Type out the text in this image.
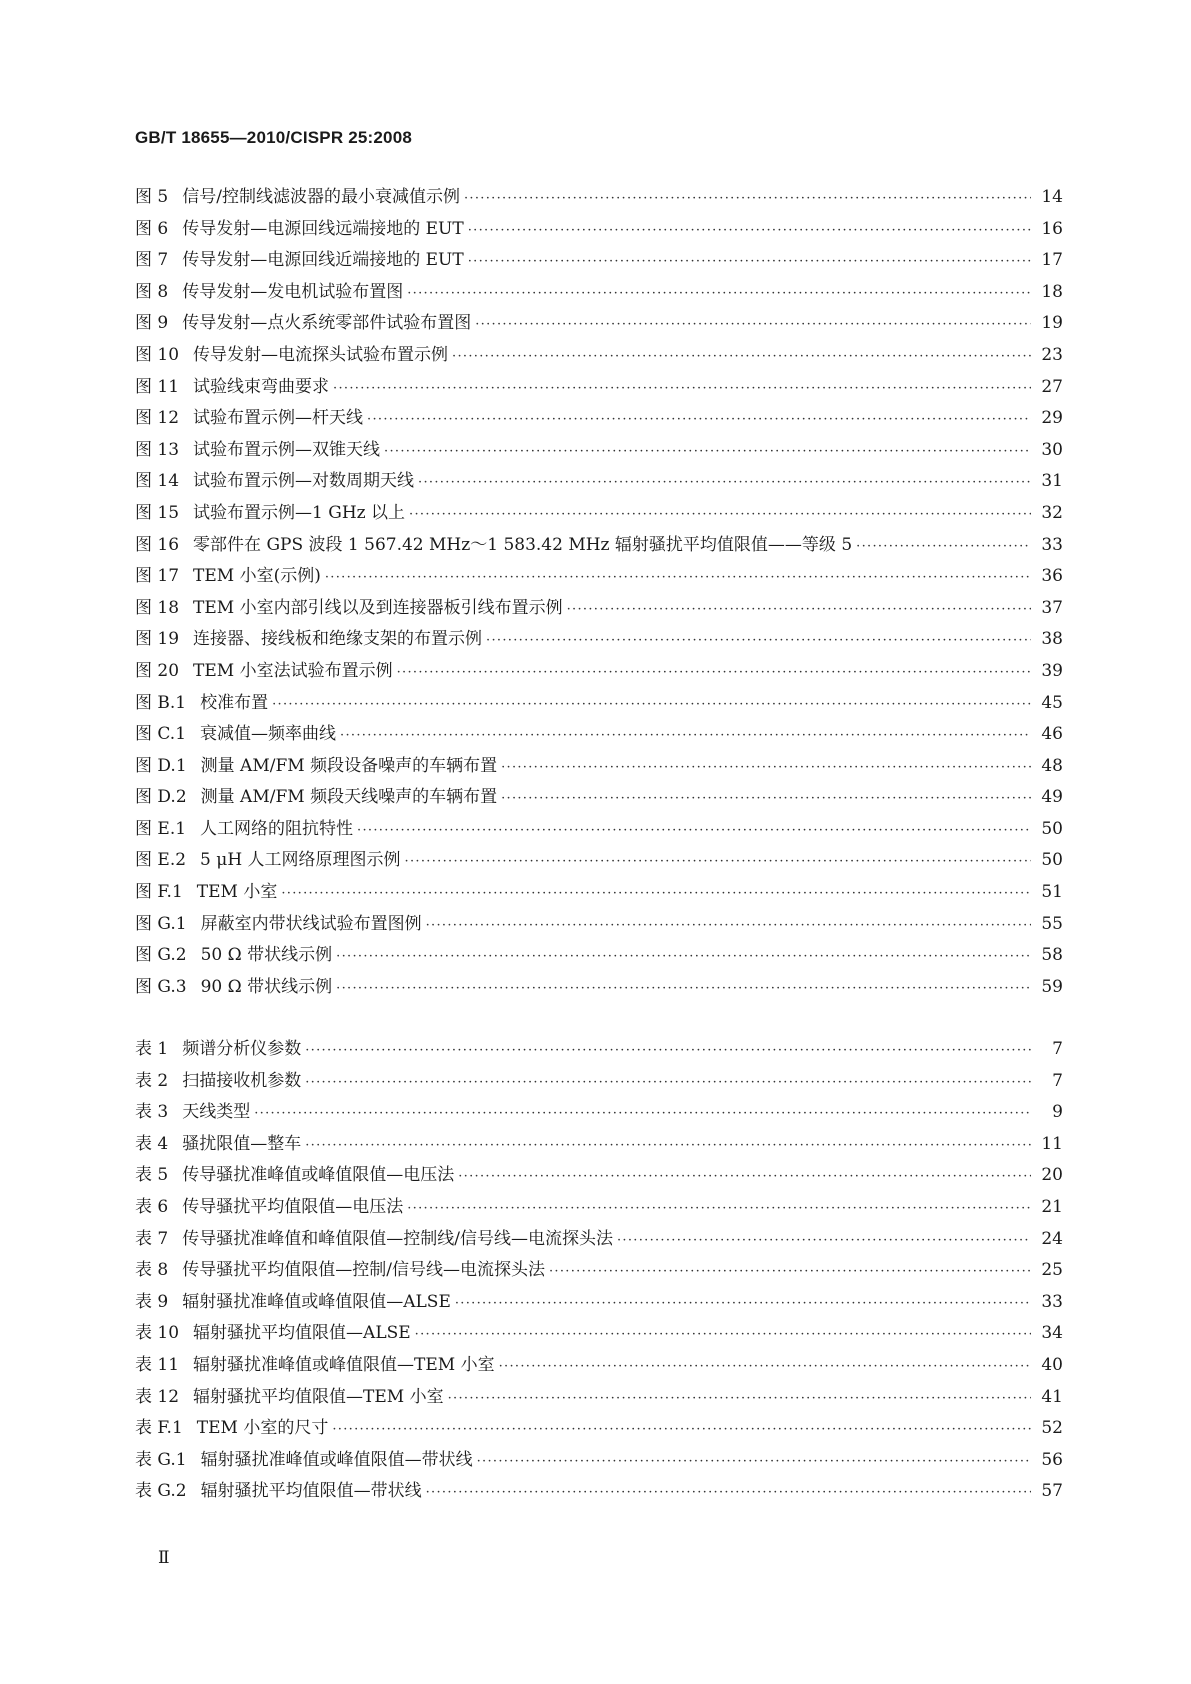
GB/T 18655—2010/CISPR 25:2008
图 5 信号/控制线滤波器的最小衰减值示例 ·····	14
图 6 传导发射—电源回线远端接地的 EUT ·····	16
图 7 传导发射—电源回线近端接地的 EUT ·····	17
图 8 传导发射—发电机试验布置图 ·····	18
图 9 传导发射—点火系统零部件试验布置图 ·····	19
图 10 传导发射—电流探头试验布置示例 ·····	23
图 11 试验线束弯曲要求 ·····	27
图 12 试验布置示例—杆天线 ·····	29
图 13 试验布置示例—双锥天线 ·····	30
图 14 试验布置示例—对数周期天线 ·····	31
图 15 试验布置示例—1 GHz 以上 ·····	32
图 16 零部件在 GPS 波段 1 567.42 MHz～1 583.42 MHz 辐射骚扰平均值限值——等级 5 ·····	33
图 17 TEM 小室(示例) ·····	36
图 18 TEM 小室内部引线以及到连接器板引线布置示例 ·····	37
图 19 连接器、接线板和绝缘支架的布置示例 ·····	38
图 20 TEM 小室法试验布置示例 ·····	39
图 B.1 校准布置 ·····	45
图 C.1 衰减值—频率曲线 ·····	46
图 D.1 测量 AM/FM 频段设备噪声的车辆布置 ·····	48
图 D.2 测量 AM/FM 频段天线噪声的车辆布置 ·····	49
图 E.1 人工网络的阻抗特性 ·····	50
图 E.2 5 μH 人工网络原理图示例 ·····	50
图 F.1 TEM 小室 ·····	51
图 G.1 屏蔽室内带状线试验布置图例 ·····	55
图 G.2 50 Ω 带状线示例 ·····	58
图 G.3 90 Ω 带状线示例 ·····	59
表 1 频谱分析仪参数 ·····	7
表 2 扫描接收机参数 ·····	7
表 3 天线类型 ·····	9
表 4 骚扰限值—整车 ·····	11
表 5 传导骚扰准峰值或峰值限值—电压法 ·····	20
表 6 传导骚扰平均值限值—电压法 ·····	21
表 7 传导骚扰准峰值和峰值限值—控制线/信号线—电流探头法 ·····	24
表 8 传导骚扰平均值限值—控制/信号线—电流探头法 ·····	25
表 9 辐射骚扰准峰值或峰值限值—ALSE ·····	33
表 10 辐射骚扰平均值限值—ALSE ·····	34
表 11 辐射骚扰准峰值或峰值限值—TEM 小室 ·····	40
表 12 辐射骚扰平均值限值—TEM 小室 ·····	41
表 F.1 TEM 小室的尺寸 ·····	52
表 G.1 辐射骚扰准峰值或峰值限值—带状线 ·····	56
表 G.2 辐射骚扰平均值限值—带状线 ·····	57
Ⅱ
